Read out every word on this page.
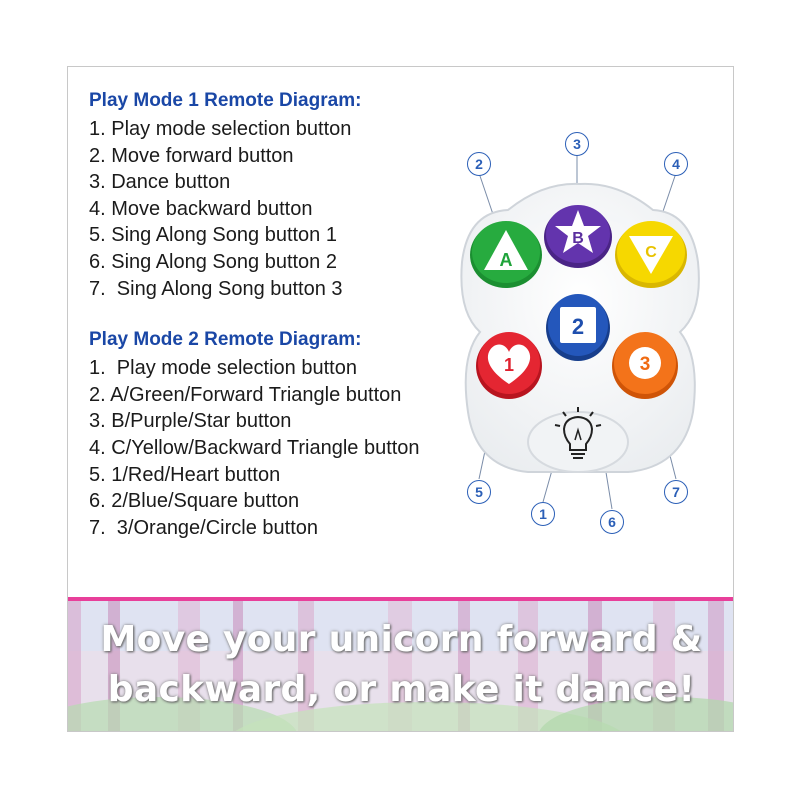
Play Mode 1 Remote Diagram:
1. Play mode selection button
2. Move forward button
3. Dance button
4. Move backward button
5. Sing Along Song button 1
6. Sing Along Song button 2
7.  Sing Along Song button 3
Play Mode 2 Remote Diagram:
1.  Play mode selection button
2. A/Green/Forward Triangle button
3. B/Purple/Star button
4. C/Yellow/Backward Triangle button
5. 1/Red/Heart button
6. 2/Blue/Square button
7.  3/Orange/Circle button
A
B
C
2
1	3
1
2
3
4
5
6
7
Move your unicorn forward &
backward, or make it dance!
